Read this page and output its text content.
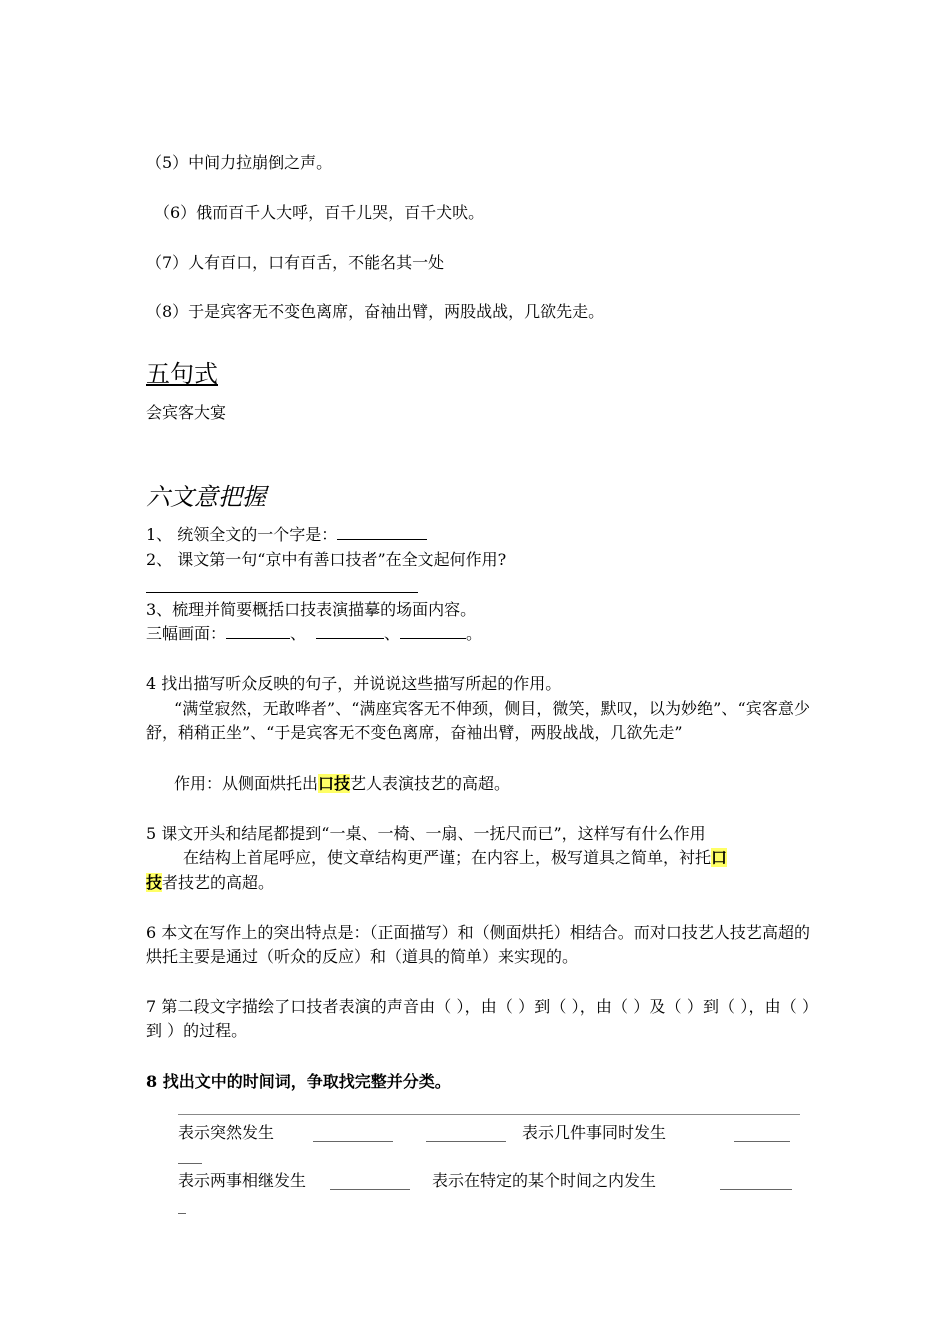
（5）中间力拉崩倒之声。
（6）俄而百千人大呼，百千儿哭，百千犬吠。
（7）人有百口，口有百舌，不能名其一处
（8）于是宾客无不变色离席，奋袖出臂，两股战战，几欲先走。
五句式
会宾客大宴
六文意把握
1、 统领全文的一个字是：
2、 课文第一句“京中有善口技者”在全文起何作用?
3、梳理并简要概括口技表演描摹的场面内容。
三幅画面：	、	、	。
4 找出描写听众反映的句子，并说说这些描写所起的作用。
“满堂寂然，无敢哗者”、“满座宾客无不伸颈，侧目，微笑，默叹，以为妙绝”、“宾客意少舒，稍稍正坐”、“于是宾客无不变色离席，奋袖出臂，两股战战，几欲先走”
作用：从侧面烘托出口技艺人表演技艺的高超。
5 课文开头和结尾都提到“一桌、一椅、一扇、一抚尺而已”，这样写有什么作用
在结构上首尾呼应，使文章结构更严谨；在内容上，极写道具之简单，衬托口
技者技艺的高超。
6 本文在写作上的突出特点是：（正面描写）和（侧面烘托）相结合。而对口技艺人技艺高超的烘托主要是通过（听众的反应）和（道具的简单）来实现的。
7 第二段文字描绘了口技者表演的声音由（ ），由（ ）到（ ），由（ ）及（ ）到（ ），由（ ）到 ）的过程。
8 找出文中的时间词，争取找完整并分类。
表示突然发生 __________ __________ 表示几件事同时发生	_______
___
表示两事相继发生 __________ 表示在特定的某个时间之内发生	_________
_
